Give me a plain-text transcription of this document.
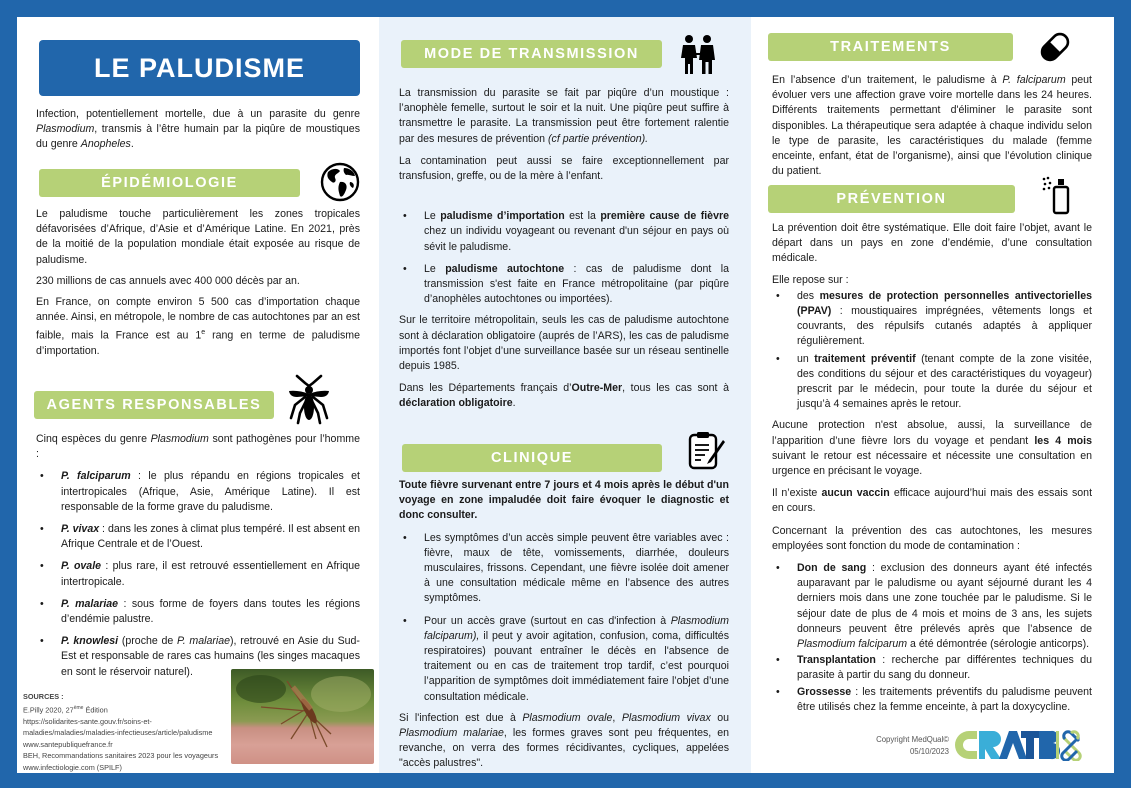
LE PALUDISME

Infection, potentiellement mortelle, due à un parasite du genre Plasmodium, transmis à l’être humain par la piqûre de moustiques du genre Anopheles.

ÉPIDÉMIOLOGIE

Le paludisme touche particulièrement les zones tropicales défavorisées d’Afrique, d’Asie et d’Amérique Latine. En 2021, près de la moitié de la population mondiale était exposée au risque de paludisme.

230 millions de cas annuels avec 400 000 décès par an.

En France, on compte environ 5 500 cas d’importation chaque année. Ainsi, en métropole, le nombre de cas autochtones par an est faible, mais la France est au 1e rang en terme de paludisme d’importation.

AGENTS RESPONSABLES

Cinq espèces du genre Plasmodium sont pathogènes pour l’homme :

• P. falciparum : le plus répandu en régions tropicales et intertropicales (Afrique, Asie, Amérique Latine). Il est responsable de la forme grave du paludisme.
• P. vivax : dans les zones à climat plus tempéré. Il est absent en Afrique Centrale et de l’Ouest.
• P. ovale : plus rare, il est retrouvé essentiellement en Afrique intertropicale.
• P. malariae : sous forme de foyers dans toutes les régions d’endémie palustre.
• P. knowlesi (proche de P. malariae), retrouvé en Asie du Sud-Est et responsable de rares cas humains (les singes macaques en sont le réservoir naturel).
SOURCES :
E.Pilly 2020, 27ème Édition
https://solidarites-sante.gouv.fr/soins-et-
maladies/maladies/maladies-infectieuses/article/paludisme
www.santepubliquefrance.fr
BEH, Recommandations sanitaires 2023 pour les voyageurs
www.infectiologie.com (SPILF)
MODE DE TRANSMISSION

La transmission du parasite se fait par piqûre d’un moustique : l’anophèle femelle, surtout le soir et la nuit. Une piqûre peut suffire à transmettre le parasite. La transmission peut être fortement ralentie par des mesures de prévention (cf partie prévention).

La contamination peut aussi se faire exceptionnellement par transfusion, greffe, ou de la mère à l’enfant.

• Le paludisme d’importation est la première cause de fièvre chez un individu voyageant ou revenant d'un séjour en pays où sévit le paludisme.
• Le paludisme autochtone : cas de paludisme dont la transmission s'est faite en France métropolitaine (par piqûre d’anophèles autochtones ou importées).

Sur le territoire métropolitain, seuls les cas de paludisme autochtone sont à déclaration obligatoire (auprés de l’ARS), les cas de paludisme importés font l’objet d’une surveillance basée sur un réseau sentinelle depuis 1985.

Dans les Départements français d’Outre-Mer, tous les cas sont à déclaration obligatoire.

CLINIQUE

Toute fièvre survenant entre 7 jours et 4 mois après le début d'un voyage en zone impaludée doit faire évoquer le diagnostic et donc consulter.

• Les symptômes d’un accès simple peuvent être variables avec : fièvre, maux de tête, vomissements, diarrhée, douleurs musculaires, frissons. Cependant, une fièvre isolée doit amener à une consultation médicale même en l’absence des autres symptômes.
• Pour un accès grave (surtout en cas d'infection à Plasmodium falciparum), il peut y avoir agitation, confusion, coma, difficultés respiratoires) pouvant entraîner le décès en l'absence de traitement ou en cas de traitement trop tardif, c’est pourquoi l’apparition de symptômes doit immédiatement faire l’objet d’une consultation médicale.

Si l'infection est due à Plasmodium ovale, Plasmodium vivax ou Plasmodium malariae, les formes graves sont peu fréquentes, en revanche, on verra des formes récidivantes, cycliques, appelées "accès palustres".

TRAITEMENTS

En l’absence d’un traitement, le paludisme à P. falciparum peut évoluer vers une affection grave voire mortelle dans les 24 heures. Différents traitements permettant d'éliminer le parasite sont disponibles. La thérapeutique sera adaptée à chaque individu selon le type de parasite, les caractéristiques du malade (femme enceinte, enfant, état de l’organisme), ainsi que l’évolution clinique du patient.

PRÉVENTION

La prévention doit être systématique. Elle doit faire l’objet, avant le départ dans un pays en zone d’endémie, d’une consultation médicale.

Elle repose sur :

• des mesures de protection personnelles antivectorielles (PPAV) : moustiquaires imprégnées, vêtements longs et couvrants, des répulsifs cutanés adaptés à appliquer régulièrement.
• un traitement préventif (tenant compte de la zone visitée, des conditions du séjour et des caractéristiques du voyageur) prescrit par le médecin, pour toute la durée du séjour et jusqu’à 4 semaines après le retour.

Aucune protection n'est absolue, aussi, la surveillance de l’apparition d’une fièvre lors du voyage et pendant les 4 mois suivant le retour est nécessaire et nécessite une consultation en urgence en précisant le voyage.

Il n’existe aucun vaccin efficace aujourd’hui mais des essais sont en cours.

Concernant la prévention des cas autochtones, les mesures employées sont fonction du mode de contamination :

• Don de sang : exclusion des donneurs ayant été infectés auparavant par le paludisme ou ayant séjourné durant les 4 derniers mois dans une zone touchée par le paludisme. Si le séjour date de plus de 4 mois et moins de 3 ans, les sujets donneurs peuvent être prélevés après que l’absence de Plasmodium falciparum a été démontrée (sérologie anticorps).
• Transplantation : recherche par différentes techniques du parasite à partir du sang du donneur.
• Grossesse : les traitements préventifs du paludisme peuvent être utilisés chez la femme enceinte, à part la doxycycline.
Copyright MedQual©
05/10/2023
